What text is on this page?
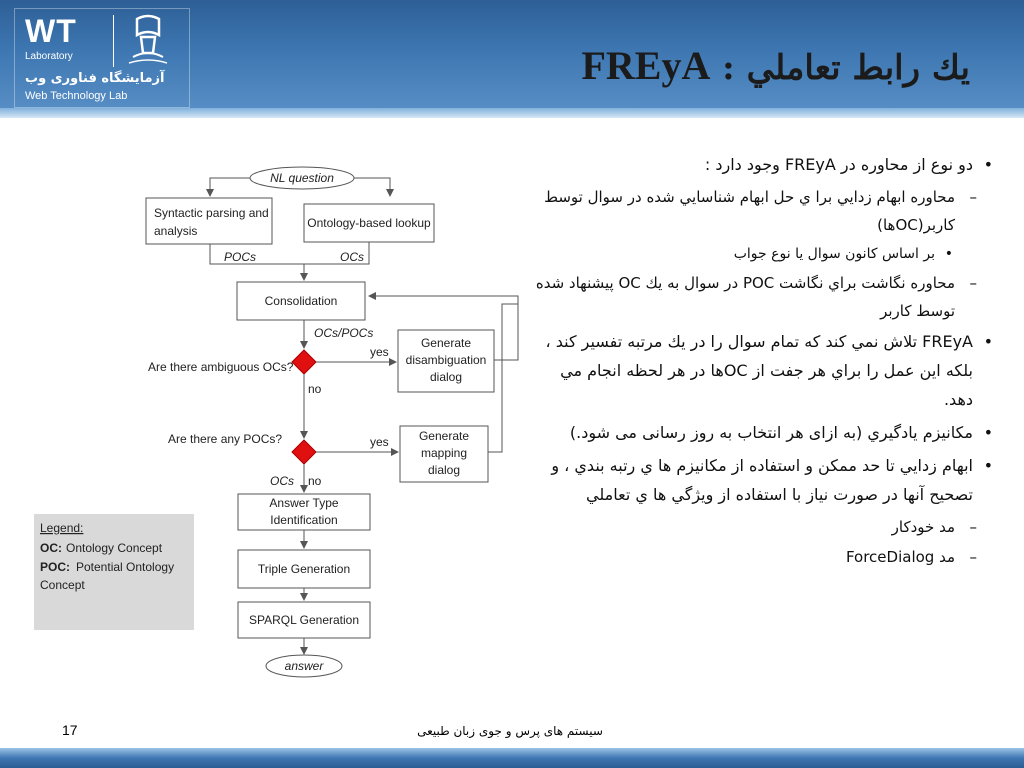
WT
Laboratory
آزمایشگاه فناوری وب
Web Technology Lab
يك رابط تعاملي : FREyA
NL question
Syntactic parsing and
analysis
Ontology-based lookup
POCs	OCs
Consolidation
OCs/POCs
Are there ambiguous OCs?
yes
Generate
disambiguation
dialog
no
Are there any POCs?	yes	Generate
mapping
dialog
OCs no
Answer Type
Identification
Legend:
OC: Ontology Concept
POC: Potential Ontology
Concept
Triple Generation
SPARQL Generation
answer
• دو نوع از محاوره در FREyA وجود دارد :
– محاوره ابهام زدايي برا ي حل ابهام شناسايي شده در سوال توسط كاربر(OCها)
• بر اساس كانون سوال يا نوع جواب
– محاوره نگاشت براي نگاشت POC در سوال به يك OC پيشنهاد شده توسط كاربر
• FREyA تلاش نمي كند كه تمام سوال را در يك مرتبه تفسير كند ، بلكه اين عمل را براي هر جفت از OCها در هر لحظه انجام مي دهد.
• مكانيزم يادگيري (به ازای هر انتخاب به روز رسانی می شود.)
• ابهام زدايي تا حد ممكن و استفاده از مكانيزم ها ي رتبه بندي ، و تصحيح آنها در صورت نياز با استفاده از ويژگي ها ي تعاملي
– مد خودكار
– مد ForceDialog
17	سیستم های پرس و جوی زبان طبیعی
